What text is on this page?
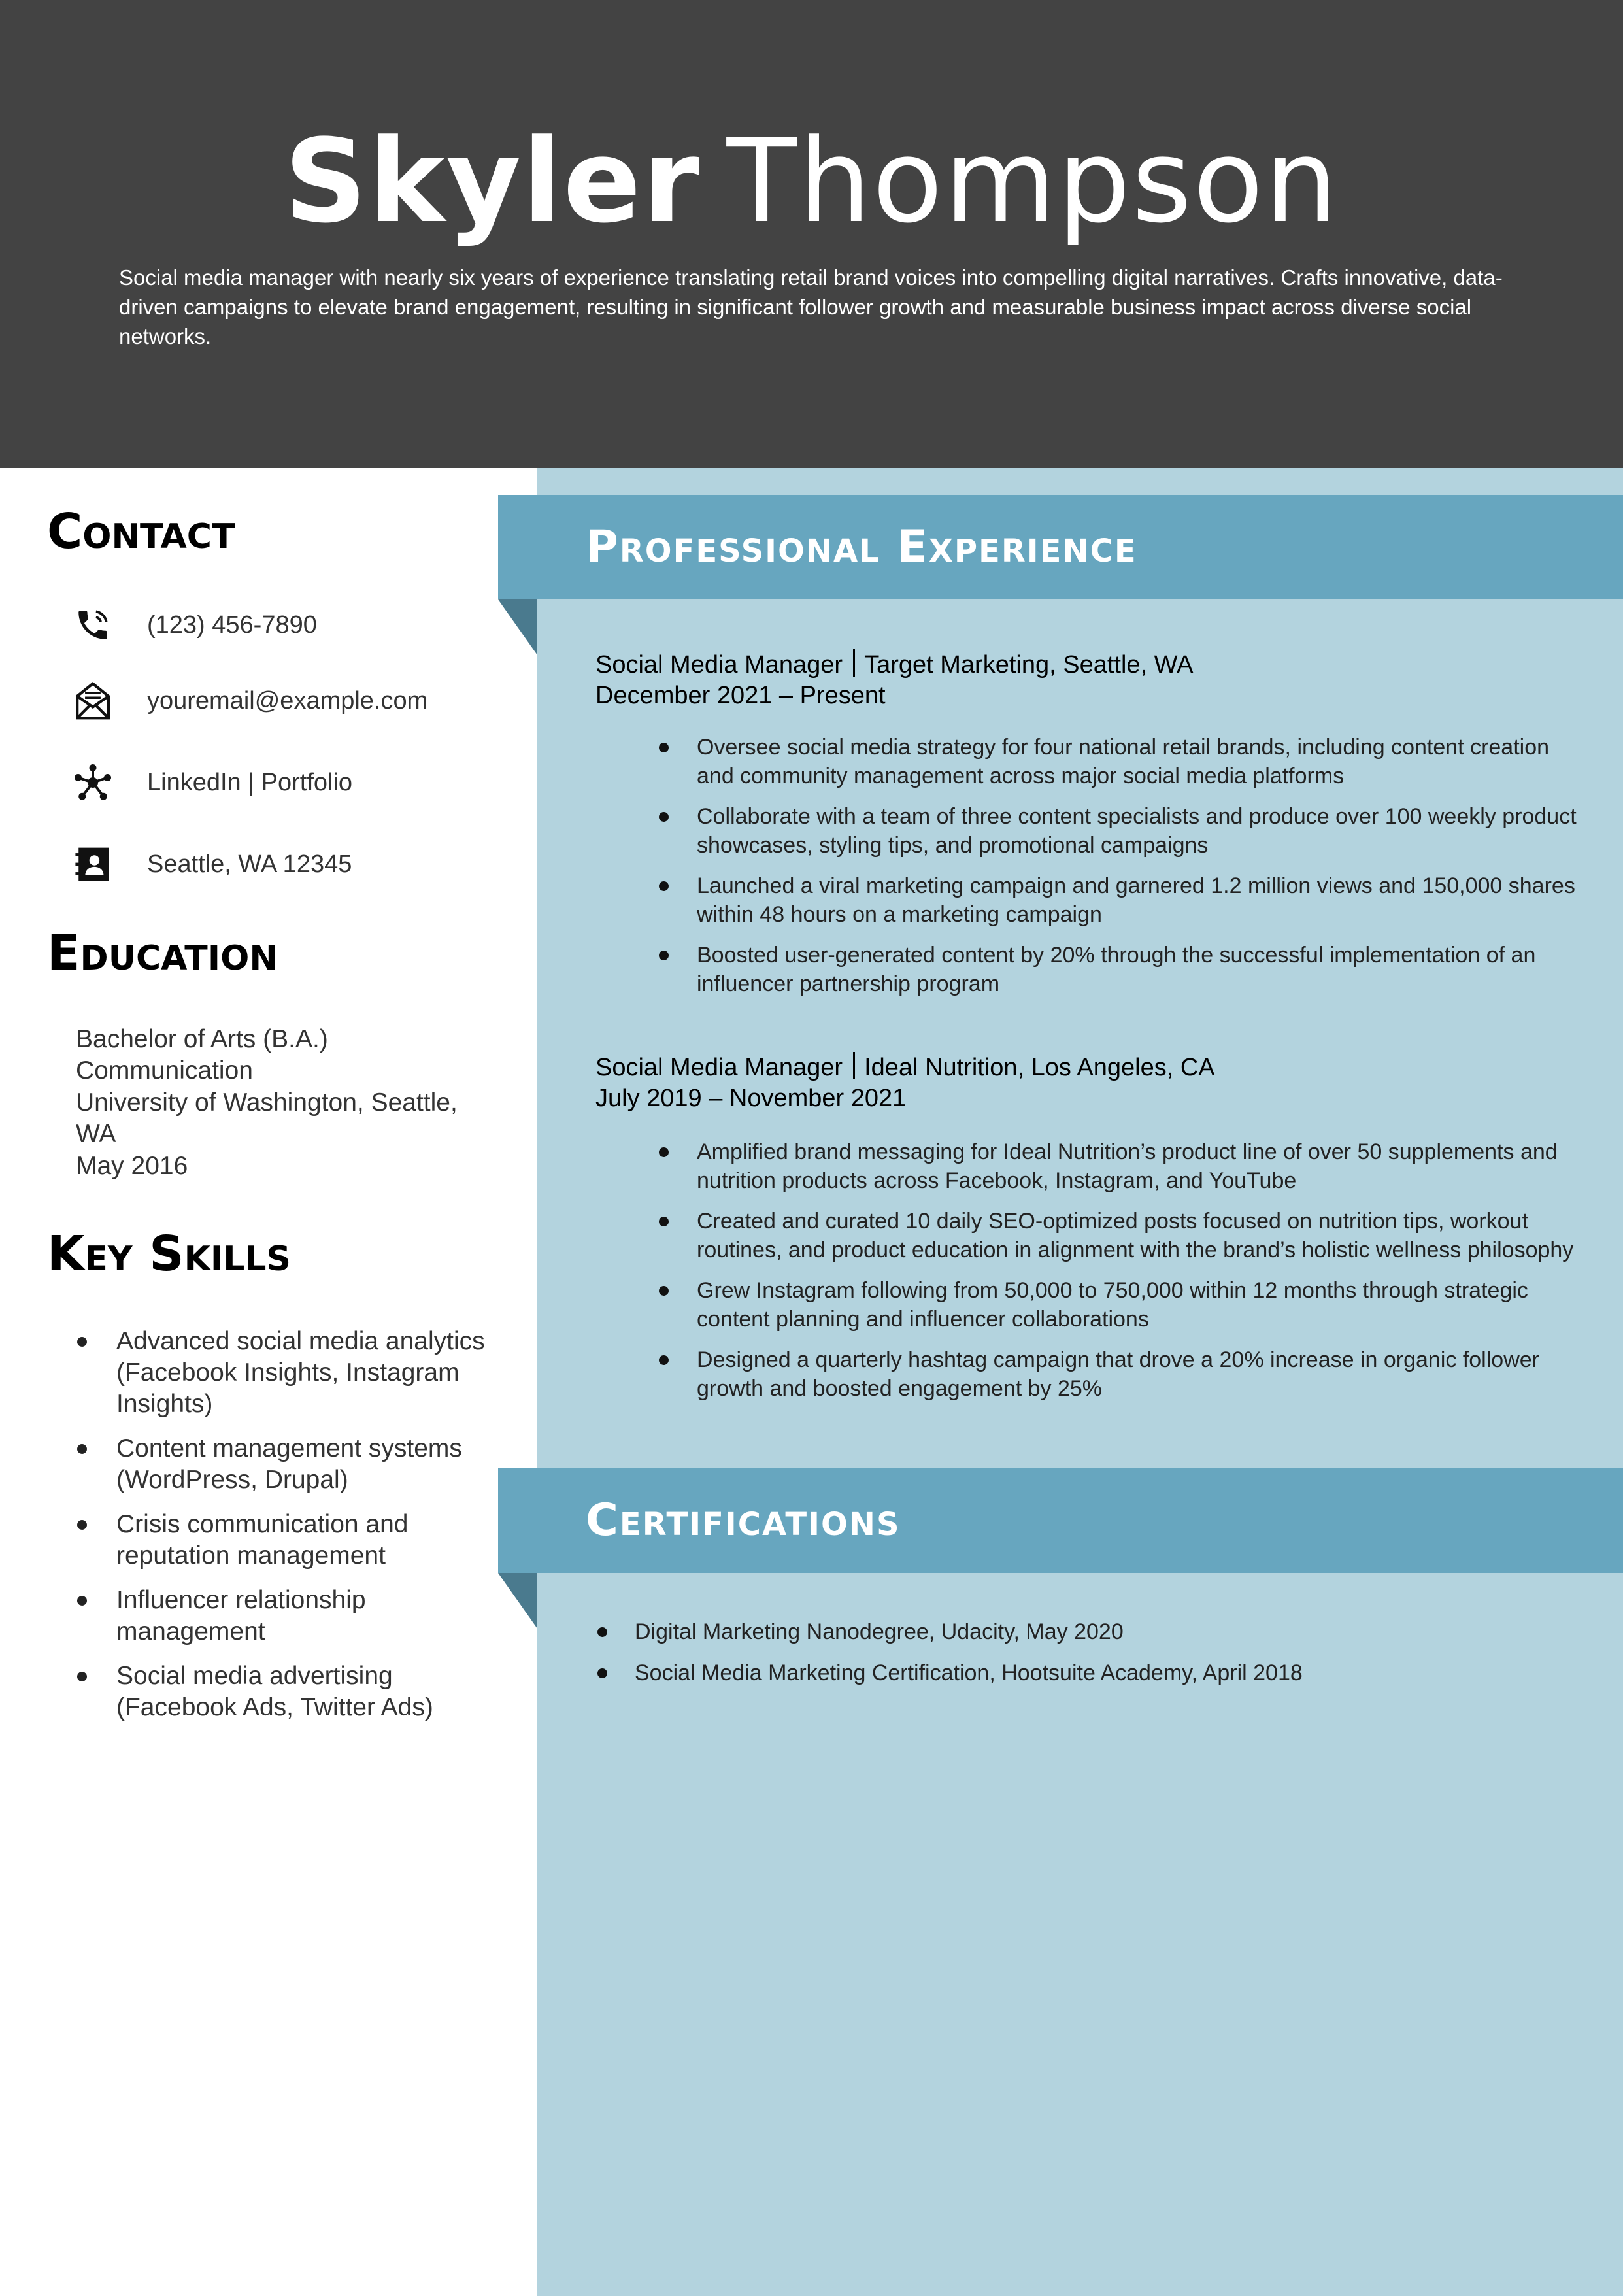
Skyler Thompson
Social media manager with nearly six years of experience translating retail brand voices into compelling digital narratives. Crafts innovative, data-driven campaigns to elevate brand engagement, resulting in significant follower growth and measurable business impact across diverse social networks.
Contact
(123) 456-7890
youremail@example.com
LinkedIn | Portfolio
Seattle, WA 12345
Education
Bachelor of Arts (B.A.)
Communication
University of Washington, Seattle,
WA
May 2016
Key Skills
Advanced social media analytics (Facebook Insights, Instagram Insights)
Content management systems (WordPress, Drupal)
Crisis communication and reputation management
Influencer relationship management
Social media advertising (Facebook Ads, Twitter Ads)
Professional Experience
Social Media Manager Target Marketing, Seattle, WA
December 2021 – Present
Oversee social media strategy for four national retail brands, including content creation and community management across major social media platforms
Collaborate with a team of three content specialists and produce over 100 weekly product showcases, styling tips, and promotional campaigns
Launched a viral marketing campaign and garnered 1.2 million views and 150,000 shares within 48 hours on a marketing campaign
Boosted user-generated content by 20% through the successful implementation of an influencer partnership program
Social Media Manager Ideal Nutrition, Los Angeles, CA
July 2019 – November 2021
Amplified brand messaging for Ideal Nutrition’s product line of over 50 supplements and nutrition products across Facebook, Instagram, and YouTube
Created and curated 10 daily SEO-optimized posts focused on nutrition tips, workout routines, and product education in alignment with the brand’s holistic wellness philosophy
Grew Instagram following from 50,000 to 750,000 within 12 months through strategic content planning and influencer collaborations
Designed a quarterly hashtag campaign that drove a 20% increase in organic follower growth and boosted engagement by 25%
Certifications
Digital Marketing Nanodegree, Udacity, May 2020
Social Media Marketing Certification, Hootsuite Academy, April 2018
